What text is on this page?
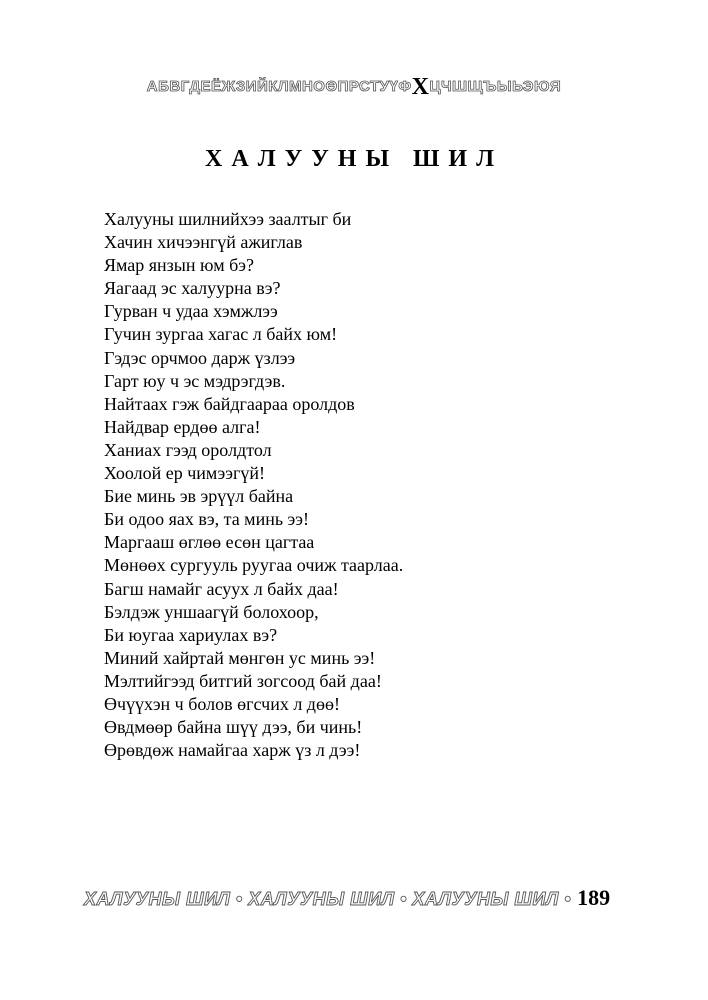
АБВГДЕЁЖЗИЙКЛМНОӨПРСТУҮФХЦЧШЩЪЫЬЭЮЯ
ХАЛУУНЫ ШИЛ
Халууны шилнийхээ заалтыг би
Хачин хичээнгүй ажиглав
Ямар янзын юм бэ?
Яагаад эс халуурна вэ?
Гурван ч удаа хэмжлээ
Гучин зургаа хагас л байх юм!
Гэдэс орчмоо дарж үзлээ
Гарт юу ч эс мэдрэгдэв.
Найтаах гэж байдгаараа оролдов
Найдвар ердөө алга!
Ханиах гээд оролдтол
Хоолой ер чимээгүй!
Бие минь эв эрүүл байна
Би одоо яах вэ, та минь ээ!
Маргааш өглөө есөн цагтаа
Мөнөөх сургууль руугаа очиж таарлаа.
Багш намайг асуух л байх даа!
Бэлдэж уншаагүй болохоор,
Би юугаа хариулах вэ?
Миний хайртай мөнгөн ус минь ээ!
Мэлтийгээд битгий зогсоод бай даа!
Өчүүхэн ч болов өгсчих л дөө!
Өвдмөөр байна шүү дээ, би чинь!
Өрөвдөж намайгаа харж үз л дээ!
ХАЛУУНЫ ШИЛ • ХАЛУУНЫ ШИЛ • ХАЛУУНЫ ШИЛ • 189
